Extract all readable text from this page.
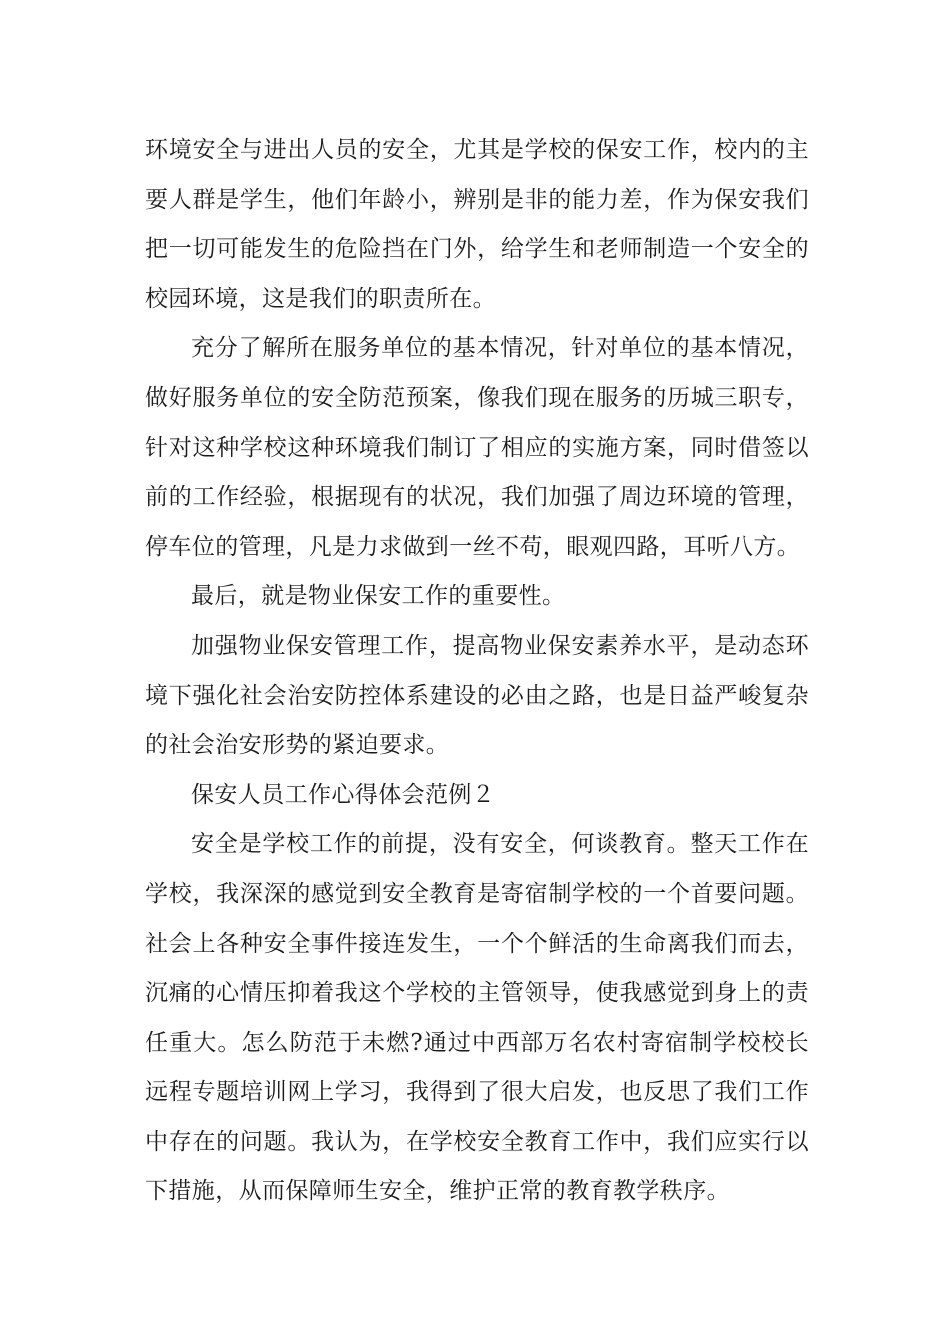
环境安全与进出人员的安全，尤其是学校的保安工作，校内的主要人群是学生，他们年龄小，辨别是非的能力差，作为保安我们把一切可能发生的危险挡在门外，给学生和老师制造一个安全的校园环境，这是我们的职责所在。

充分了解所在服务单位的基本情况，针对单位的基本情况，做好服务单位的安全防范预案，像我们现在服务的历城三职专，针对这种学校这种环境我们制订了相应的实施方案，同时借签以前的工作经验，根据现有的状况，我们加强了周边环境的管理，停车位的管理，凡是力求做到一丝不苟，眼观四路，耳听八方。

最后，就是物业保安工作的重要性。

加强物业保安管理工作，提高物业保安素养水平，是动态环境下强化社会治安防控体系建设的必由之路，也是日益严峻复杂的社会治安形势的紧迫要求。

保安人员工作心得体会范例２

安全是学校工作的前提，没有安全，何谈教育。整天工作在学校，我深深的感觉到安全教育是寄宿制学校的一个首要问题。社会上各种安全事件接连发生，一个个鲜活的生命离我们而去，沉痛的心情压抑着我这个学校的主管领导，使我感觉到身上的责任重大。怎么防范于未燃?通过中西部万名农村寄宿制学校校长远程专题培训网上学习，我得到了很大启发，也反思了我们工作中存在的问题。我认为，在学校安全教育工作中，我们应实行以下措施，从而保障师生安全，维护正常的教育教学秩序。
